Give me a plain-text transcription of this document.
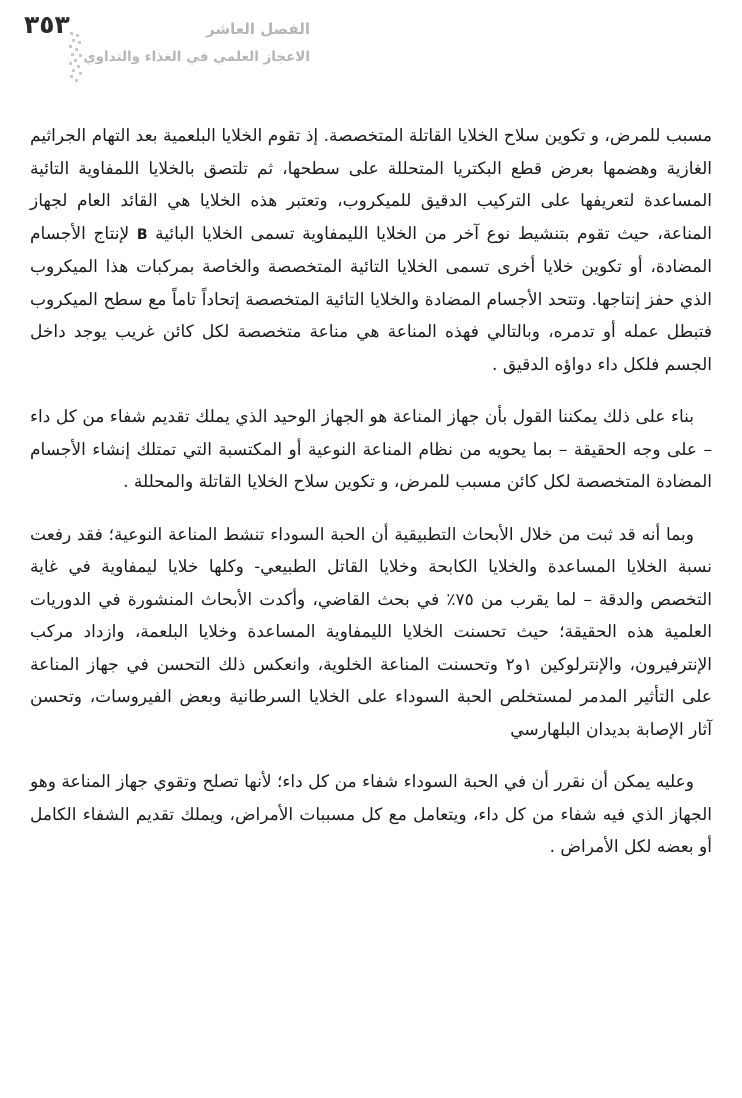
٣٥٣	الفصل العاشر
الاعجاز العلمي في الغذاء والتداوي

مسبب للمرض، و تكوين سلاح الخلايا القاتلة المتخصصة. إذ تقوم الخلايا البلعمية بعد التهام الجراثيم الغازية وهضمها بعرض قطع البكتريا المتحللة على سطحها، ثم تلتصق بالخلايا اللمفاوية التائية المساعدة لتعريفها على التركيب الدقيق للميكروب، وتعتبر هذه الخلايا هي القائد العام لجهاز المناعة، حيث تقوم بتنشيط نوع آخر من الخلايا الليمفاوية تسمى الخلايا البائية B لإنتاج الأجسام المضادة، أو تكوين خلايا أخرى تسمى الخلايا التائية المتخصصة والخاصة بمركبات هذا الميكروب الذي حفز إنتاجها. وتتحد الأجسام المضادة والخلايا التائية المتخصصة إتحاداً تاماً مع سطح الميكروب فتبطل عمله أو تدمره، وبالتالي فهذه المناعة هي مناعة متخصصة لكل كائن غريب يوجد داخل الجسم فلكل داء دواؤه الدقيق .

بناء على ذلك يمكننا القول بأن جهاز المناعة هو الجهاز الوحيد الذي يملك تقديم شفاء من كل داء – على وجه الحقيقة – بما يحويه من نظام المناعة النوعية أو المكتسبة التي تمتلك إنشاء الأجسام المضادة المتخصصة لكل كائن مسبب للمرض، و تكوين سلاح الخلايا القاتلة والمحللة .

وبما أنه قد ثبت من خلال الأبحاث التطبيقية أن الحبة السوداء تنشط المناعة النوعية؛ فقد رفعت نسبة الخلايا المساعدة والخلايا الكابحة وخلايا القاتل الطبيعي- وكلها خلايا ليمفاوية في غاية التخصص والدقة – لما يقرب من ٧٥٪ في بحث القاضي، وأكدت الأبحاث المنشورة في الدوريات العلمية هذه الحقيقة؛ حيث تحسنت الخلايا الليمفاوية المساعدة وخلايا البلعمة، وازداد مركب الإنترفيرون، والإنترلوكين ١و٢ وتحسنت المناعة الخلوية، وانعكس ذلك التحسن في جهاز المناعة على التأثير المدمر لمستخلص الحبة السوداء على الخلايا السرطانية وبعض الفيروسات، وتحسن آثار الإصابة بديدان البلهارسي

وعليه يمكن أن نقرر أن في الحبة السوداء شفاء من كل داء؛ لأنها تصلح وتقوي جهاز المناعة وهو الجهاز الذي فيه شفاء من كل داء، ويتعامل مع كل مسببات الأمراض، ويملك تقديم الشفاء الكامل أو بعضه لكل الأمراض .
